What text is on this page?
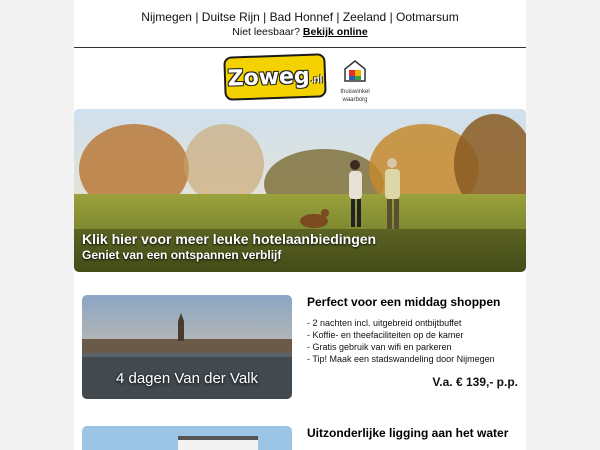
Nijmegen | Duitse Rijn | Bad Honnef | Zeeland | Ootmarsum
Niet leesbaar? Bekijk online
Zoweg .nl
thuiswinkel
waarborg
Klik hier voor meer leuke hotelaanbiedingen
Geniet van een ontspannen verblijf
4 dagen Van der Valk
Perfect voor een middag shoppen
- 2 nachten incl. uitgebreid ontbijtbuffet
- Koffie- en theefaciliteiten op de kamer
- Gratis gebruik van wifi en parkeren
- Tip! Maak een stadswandeling door Nijmegen
V.a. € 139,- p.p.
Uitzonderlijke ligging aan het water
